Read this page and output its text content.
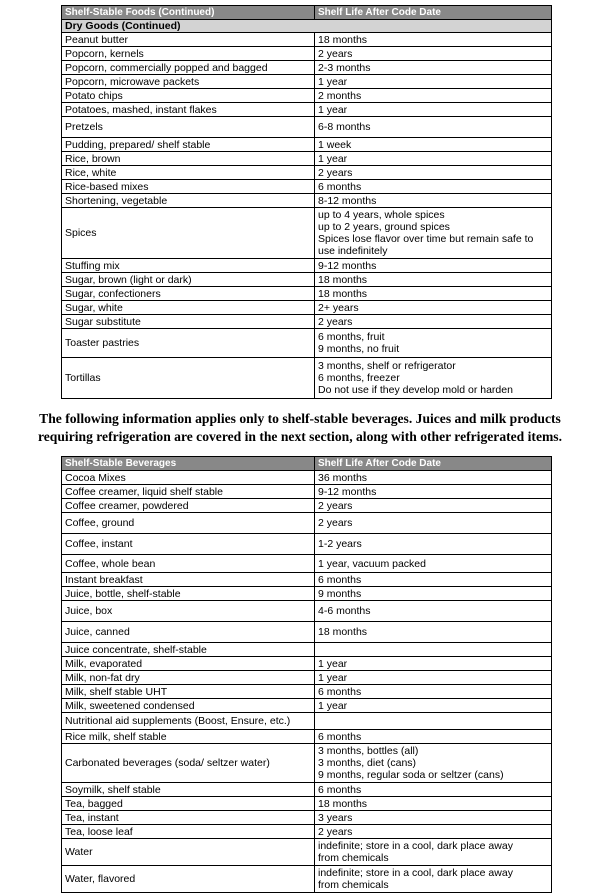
Shelf-Stable Foods (Continued)	Shelf Life After Code Date
Dry Goods (Continued)	
Peanut butter	18 months

Popcorn, kernels	2 years

Popcorn, commercially popped and bagged	2-3 months

Popcorn, microwave packets	1 year

Potato chips	2 months

Potatoes, mashed, instant flakes	1 year

Pretzels	6-8 months

Pudding, prepared/ shelf stable	1 week

Rice, brown	1 year

Rice, white	2 years

Rice-based mixes	6 months

Shortening, vegetable	8-12 months

Spices	up to 4 years, whole spices
up to 2 years, ground spices
Spices lose flavor over time but remain safe to
use indefinitely

Stuffing mix	9-12 months

Sugar, brown (light or dark)	18 months

Sugar, confectioners	18 months

Sugar, white	2+ years

Sugar substitute	2 years

Toaster pastries	6 months, fruit
9 months, no fruit

Tortillas	3 months, shelf or refrigerator
6 months, freezer
Do not use if they develop mold or harden
The following information applies only to shelf-stable beverages. Juices and milk products
requiring refrigeration are covered in the next section, along with other refrigerated items.
Shelf-Stable Beverages	Shelf Life After Code Date
Cocoa Mixes	36 months

Coffee creamer, liquid shelf stable	9-12 months

Coffee creamer, powdered	2 years

Coffee, ground	2 years

Coffee, instant	1-2 years

Coffee, whole bean	1 year, vacuum packed

Instant breakfast	6 months

Juice, bottle, shelf-stable	9 months

Juice, box	4-6 months

Juice, canned	18 months

Juice concentrate, shelf-stable	

Milk, evaporated	1 year

Milk, non-fat dry	1 year

Milk, shelf stable UHT	6 months

Milk, sweetened condensed	1 year

Nutritional aid supplements (Boost, Ensure, etc.)	

Rice milk, shelf stable	6 months

Carbonated beverages (soda/ seltzer water)	3 months, bottles (all)
3 months, diet (cans)
9 months, regular soda or seltzer (cans)

Soymilk, shelf stable	6 months

Tea, bagged	18 months

Tea, instant	3 years

Tea, loose leaf	2 years

Water	indefinite; store in a cool, dark place away
from chemicals

Water, flavored	indefinite; store in a cool, dark place away
from chemicals
